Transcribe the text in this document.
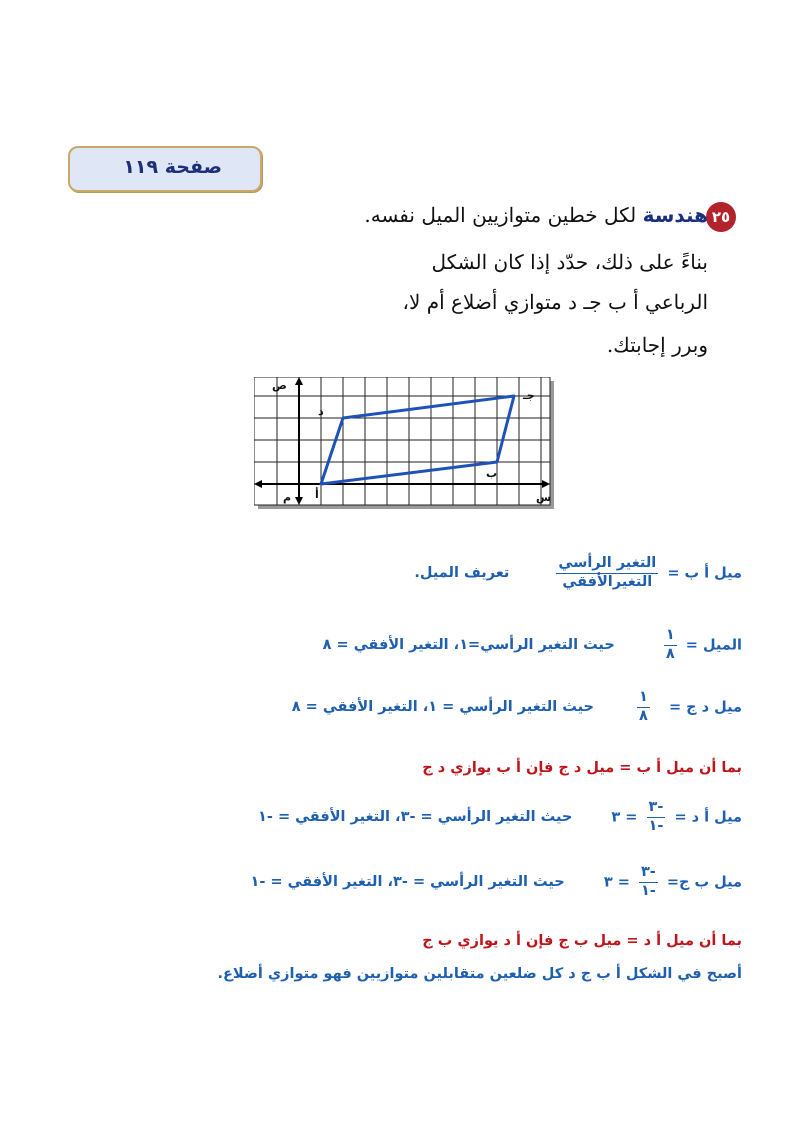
صفحة ١١٩
٢٥
هندسة لكل خطين متوازيين الميل نفسه.
بناءً على ذلك، حدّد إذا كان الشكل
الرباعي أ ب جـ د متوازي أضلاع أم لا،
وبرر إجابتك.
ص
س
م أ
ب
جـ
د
ميل أ ب =
$\frac{\text{التغير الرأسي}}{\text{التغيرالأفقي}}$
تعريف الميل.
الميل =
$\frac{١}{٨}$
حيث التغير الرأسي=١، التغير الأفقي = ٨
ميل د ج =
$\frac{١}{٨}$
حيث التغير الرأسي = ١، التغير الأفقي = ٨
بما أن ميل أ ب = ميل د ج فإن أ ب يوازي د ج
ميل أ د =
$\frac{-٣}{-١}$
= ٣ حيث التغير الرأسي = -٣، التغير الأفقي = -١
ميل ب ج=
$\frac{-٣}{-١}$
= ٣ حيث التغير الرأسي = -٣، التغير الأفقي = -١
بما أن ميل أ د = ميل ب ج فإن أ د يوازي ب ج
أصبح في الشكل أ ب ج د كل ضلعين متقابلين متوازيين فهو متوازي أضلاع.
